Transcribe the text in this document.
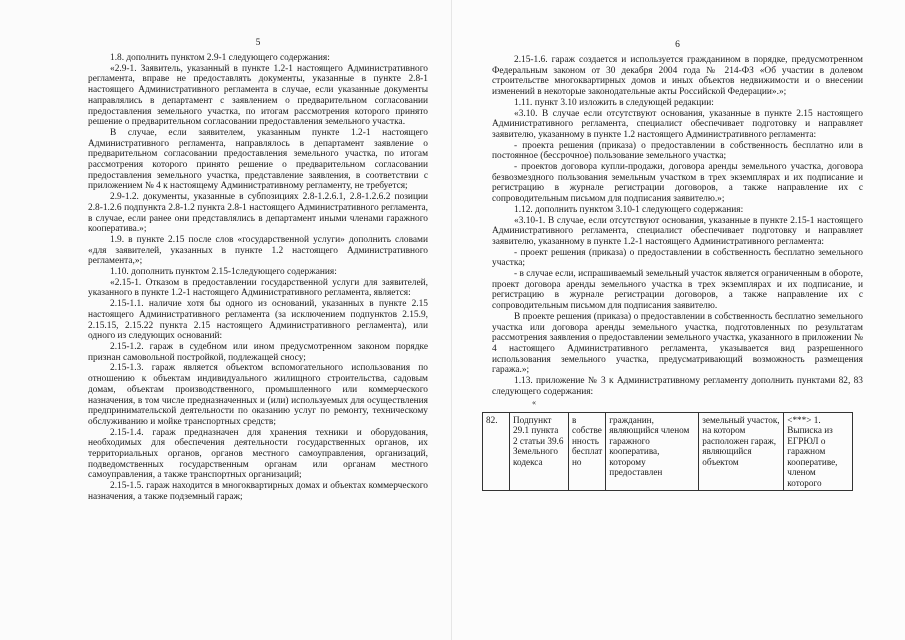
5

1.8. дополнить пунктом 2.9-1 следующего содержания:

«2.9-1. Заявитель, указанный в пункте 1.2-1 настоящего Административного регламента, вправе не предоставлять документы, указанные в пункте 2.8-1 настоящего Административного регламента в случае, если указанные документы направлялись в департамент с заявлением о предварительном согласовании предоставления земельного участка, по итогам рассмотрения которого принято решение о предварительном согласовании предоставления земельного участка.

В случае, если заявителем, указанным пункте 1.2-1 настоящего Административного регламента, направлялось в департамент заявление о предварительном согласовании предоставления земельного участка, по итогам рассмотрения которого принято решение о предварительном согласовании предоставления земельного участка, представление заявления, в соответствии с приложением № 4 к настоящему Административному регламенту, не требуется;

2.9-1.2. документы, указанные в субпозициях 2.8-1.2.6.1, 2.8-1.2.6.2 позиции 2.8-1.2.6 подпункта 2.8-1.2 пункта 2.8-1 настоящего Административного регламента, в случае, если ранее они представлялись в департамент иными членами гаражного кооператива.»;

1.9. в пункте 2.15 после слов «государственной услуги» дополнить словами «для заявителей, указанных в пункте 1.2 настоящего Административного регламента,»;

1.10. дополнить пунктом 2.15-1следующего содержания:

«2.15-1. Отказом в предоставлении государственной услуги для заявителей, указанного в пункте 1.2-1 настоящего Административного регламента, является:

2.15-1.1. наличие хотя бы одного из оснований, указанных в пункте 2.15 настоящего Административного регламента (за исключением подпунктов 2.15.9, 2.15.15, 2.15.22 пункта 2.15 настоящего Административного регламента), или одного из следующих оснований:

2.15-1.2. гараж в судебном или ином предусмотренном законом порядке признан самовольной постройкой, подлежащей сносу;

2.15-1.3. гараж является объектом вспомогательного использования по отношению к объектам индивидуального жилищного строительства, садовым домам, объектам производственного, промышленного или коммерческого назначения, в том числе предназначенных и (или) используемых для осуществления предпринимательской деятельности по оказанию услуг по ремонту, техническому обслуживанию и мойке транспортных средств;

2.15-1.4. гараж предназначен для хранения техники и оборудования, необходимых для обеспечения деятельности государственных органов, их территориальных органов, органов местного самоуправления, организаций, подведомственных государственным органам или органам местного самоуправления, а также транспортных организаций;

2.15-1.5. гараж находится в многоквартирных домах и объектах коммерческого назначения, а также подземный гараж;

6

2.15-1.6. гараж создается и используется гражданином в порядке, предусмотренном Федеральным законом от 30 декабря 2004 года № 214-ФЗ «Об участии в долевом строительстве многоквартирных домов и иных объектов недвижимости и о внесении изменений в некоторые законодательные акты Российской Федерации».»;

1.11. пункт 3.10 изложить в следующей редакции:

«3.10. В случае если отсутствуют основания, указанные в пункте 2.15 настоящего Административного регламента, специалист обеспечивает подготовку и направляет заявителю, указанному в пункте 1.2 настоящего Административного регламента:

- проекта решения (приказа) о предоставлении в собственность бесплатно или в постоянное (бессрочное) пользование земельного участка;

- проектов договора купли-продажи, договора аренды земельного участка, договора безвозмездного пользования земельным участком в трех экземплярах и их подписание и регистрацию в журнале регистрации договоров, а также направление их с сопроводительным письмом для подписания заявителю.»;

1.12. дополнить пунктом 3.10-1 следующего содержания:

«3.10-1. В случае, если отсутствуют основания, указанные в пункте 2.15-1 настоящего Административного регламента, специалист обеспечивает подготовку и направляет заявителю, указанному в пункте 1.2-1 настоящего Административного регламента:

- проект решения (приказа) о предоставлении в собственность бесплатно земельного участка;

- в случае если, испрашиваемый земельный участок является ограниченным в обороте, проект договора аренды земельного участка в трех экземплярах и их подписание, и регистрацию в журнале регистрации договоров, а также направление их с сопроводительным письмом для подписания заявителю.

В проекте решения (приказа) о предоставлении в собственность бесплатно земельного участка или договора аренды земельного участка, подготовленных по результатам рассмотрения заявления о предоставлении земельного участка, указанного в приложении № 4 настоящего Административного регламента, указывается вид разрешенного использования земельного участка, предусматривающий возможность размещения гаража.»;

1.13. приложение № 3 к Административному регламенту дополнить пунктами 82, 83 следующего содержания:

«
82.	Подпункт 29.1 пункта 2 статьи 39.6 Земельного кодекса	в собстве нность бесплат но	гражданин, являющийся членом гаражного кооператива, которому предоставлен	земельный участок, на котором расположен гараж, являющийся объектом	<***> 1. Выписка из ЕГРЮЛ о гаражном кооперативе, членом которого
